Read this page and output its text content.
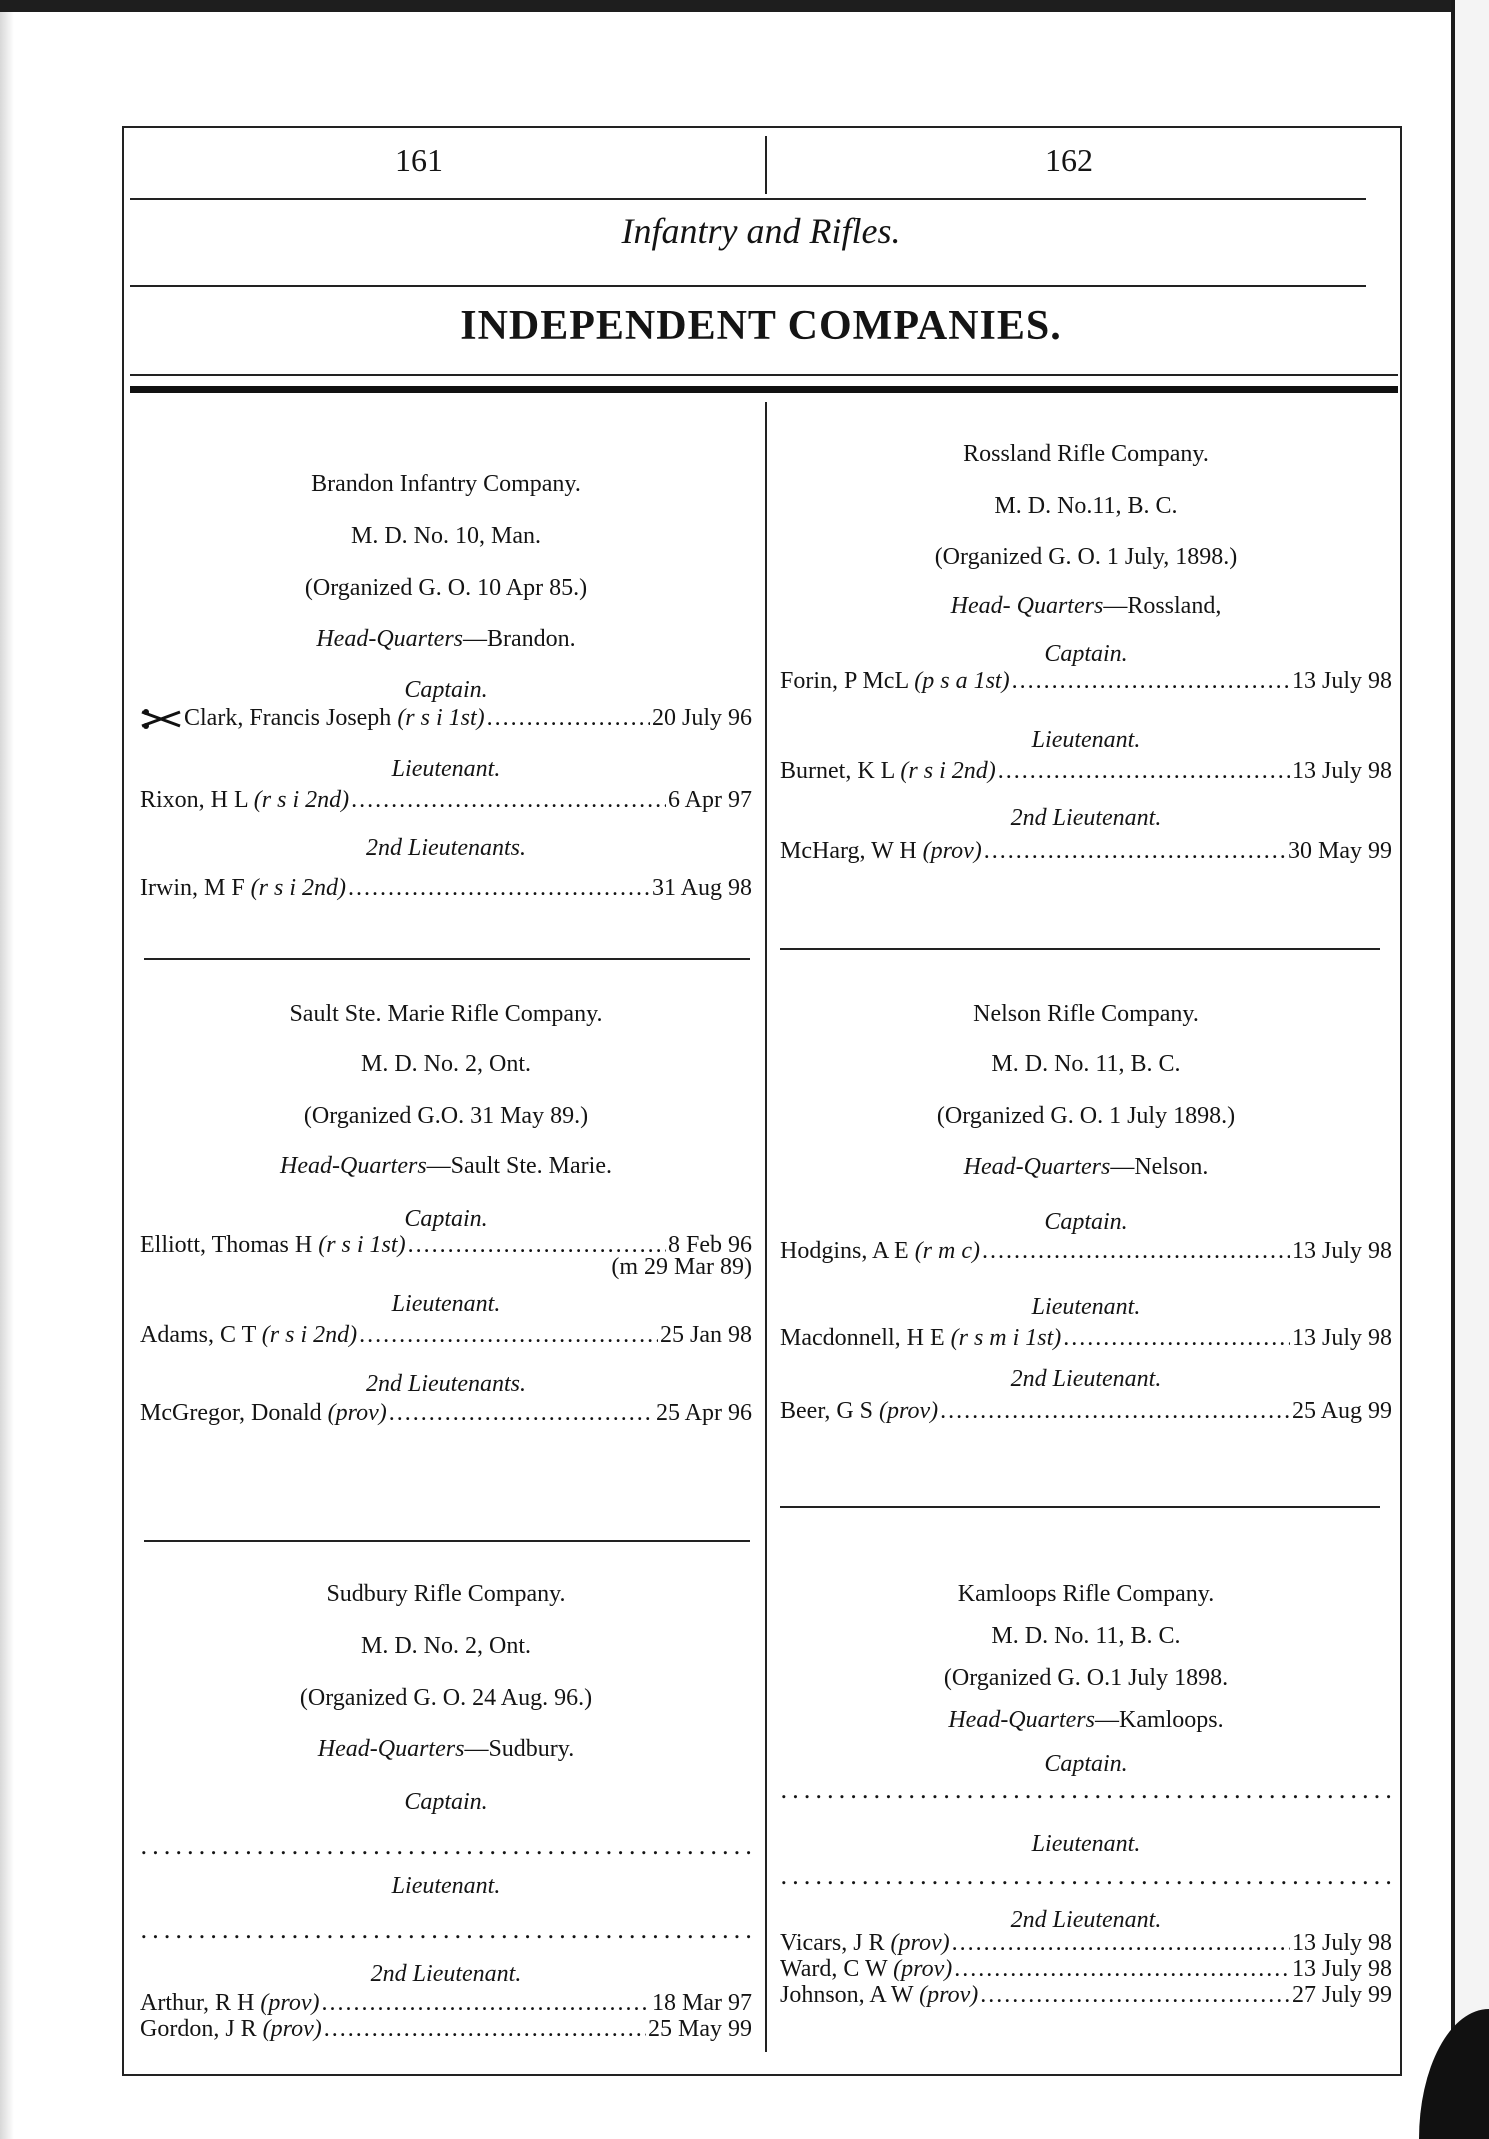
161	162
Infantry and Rifles.
INDEPENDENT COMPANIES.
Brandon Infantry Company.
M. D. No. 10, Man.
(Organized G. O. 10 Apr 85.)
Head-Quarters—Brandon.
Captain.
Clark, Francis Joseph (r s i 1st) .....	20 July 96
Lieutenant.
Rixon, H L (r s i 2nd) .....	6 Apr 97
2nd Lieutenants.
Irwin, M F (r s i 2nd) .....	31 Aug 98
Sault Ste. Marie Rifle Company.
M. D. No. 2, Ont.
(Organized G.O. 31 May 89.)
Head-Quarters—Sault Ste. Marie.
Captain.
Elliott, Thomas H (r s i 1st) .....	8 Feb 96
(m 29 Mar 89)
Lieutenant.
Adams, C T (r s i 2nd) .....	25 Jan 98
2nd Lieutenants.
McGregor, Donald (prov) .....	25 Apr 96
Sudbury Rifle Company.
M. D. No. 2, Ont.
(Organized G. O. 24 Aug. 96.)
Head-Quarters—Sudbury.
Captain.
.....
Lieutenant.
.....
2nd Lieutenant.
Arthur, R H (prov) .....	18 Mar 97
Gordon, J R (prov) .....	25 May 99
Rossland Rifle Company.
M. D. No.11, B. C.
(Organized G. O. 1 July, 1898.)
Head- Quarters—Rossland,
Captain.
Forin, P McL (p s a 1st) .....	13 July 98
Lieutenant.
Burnet, K L (r s i 2nd) .....	13 July 98
2nd Lieutenant.
McHarg, W H (prov) .....	30 May 99
Nelson Rifle Company.
M. D. No. 11, B. C.
(Organized G. O. 1 July 1898.)
Head-Quarters—Nelson.
Captain.
Hodgins, A E (r m c) .....	13 July 98
Lieutenant.
Macdonnell, H E (r s m i 1st) .....	13 July 98
2nd Lieutenant.
Beer, G S (prov) .....	25 Aug 99
Kamloops Rifle Company.
M. D. No. 11, B. C.
(Organized G. O.1 July 1898.
Head-Quarters—Kamloops.
Captain.
.....
Lieutenant.
.....
2nd Lieutenant.
Vicars, J R (prov) .....	13 July 98
Ward, C W (prov) .....	13 July 98
Johnson, A W (prov) .....	27 July 99
